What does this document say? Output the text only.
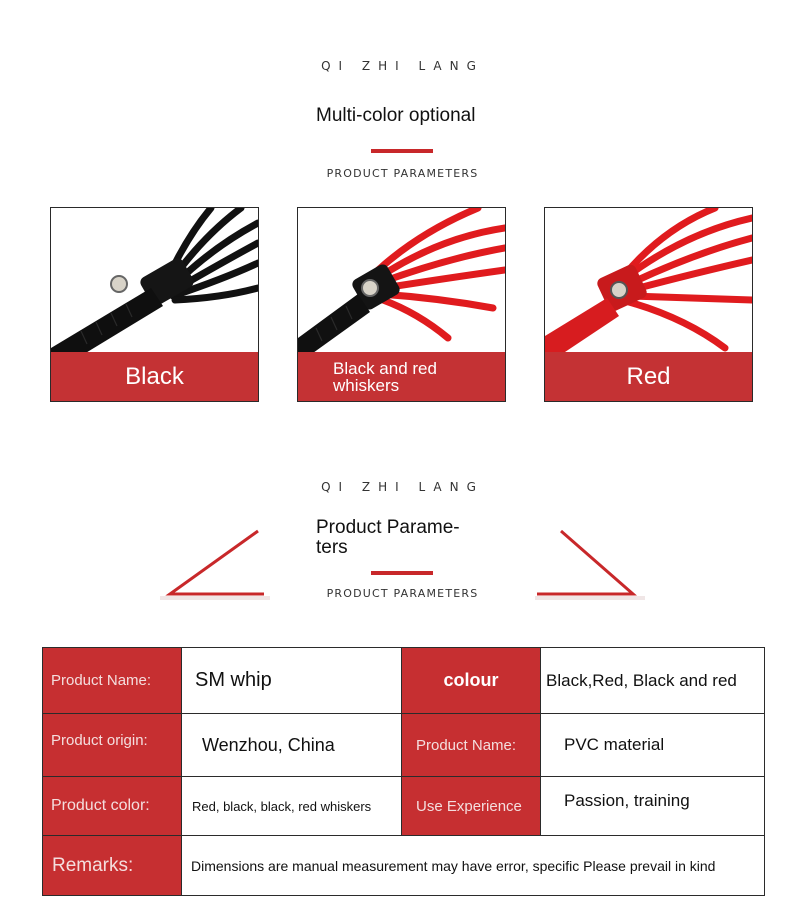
QI ZHI LANG
Multi-color optional
PRODUCT PARAMETERS
Black	Black and red whiskers	Red
QI ZHI LANG
Product Parame-
ters
PRODUCT PARAMETERS
Product Name:	SM whip	colour	Black,Red, Black and red
Product origin:	Wenzhou, China	Product Name:	PVC material
Product color:	Red, black, black, red whiskers	Use Experience	Passion, training
Remarks:	Dimensions are manual measurement may have error, specific Please prevail in kind		
